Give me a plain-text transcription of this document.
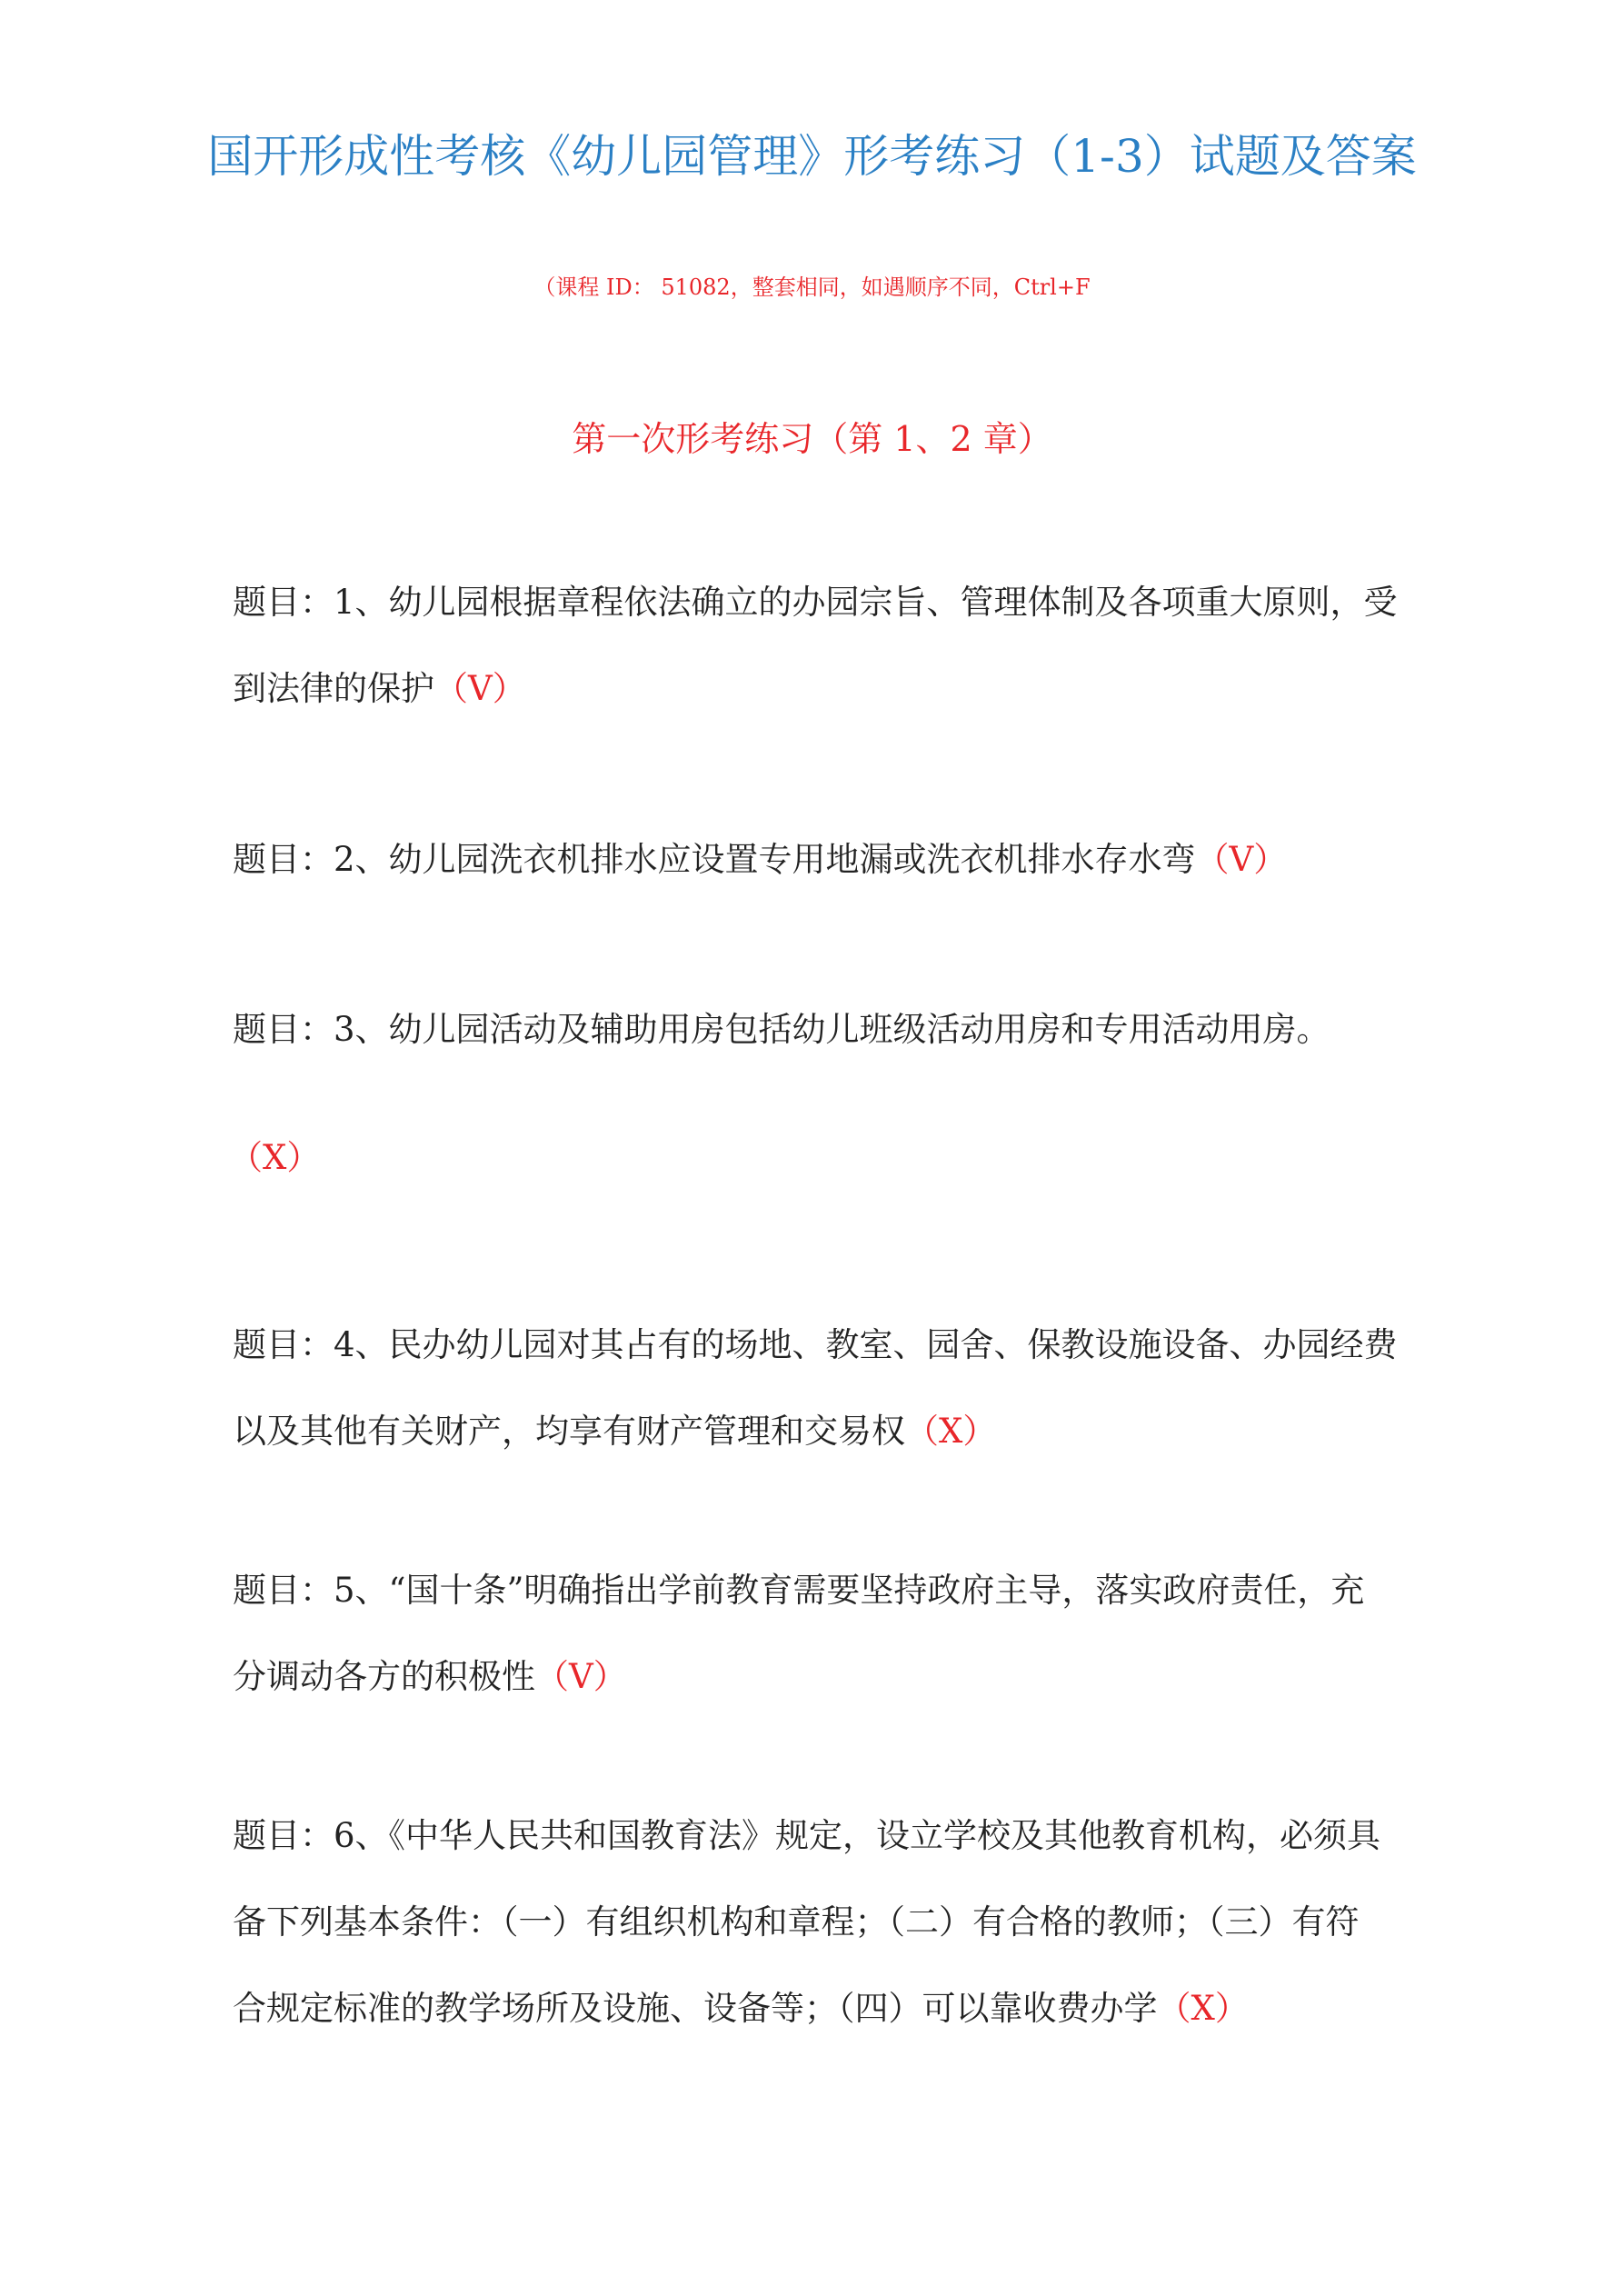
国开形成性考核《幼儿园管理》形考练习（1-3）试题及答案
（课程 ID： 51082，整套相同，如遇顺序不同，Ctrl+F
第一次形考练习（第 1、2 章）
题目：1、幼儿园根据章程依法确立的办园宗旨、管理体制及各项重大原则，受
到法律的保护（V）
题目：2、幼儿园洗衣机排水应设置专用地漏或洗衣机排水存水弯（V）
题目：3、幼儿园活动及辅助用房包括幼儿班级活动用房和专用活动用房。
（X）
题目：4、民办幼儿园对其占有的场地、教室、园舍、保教设施设备、办园经费
以及其他有关财产，均享有财产管理和交易权（X）
题目：5、“国十条”明确指出学前教育需要坚持政府主导，落实政府责任，充
分调动各方的积极性（V）
题目：6、《中华人民共和国教育法》规定，设立学校及其他教育机构，必须具
备下列基本条件：（一）有组织机构和章程；（二）有合格的教师；（三）有符
合规定标准的教学场所及设施、设备等；（四）可以靠收费办学（X）
